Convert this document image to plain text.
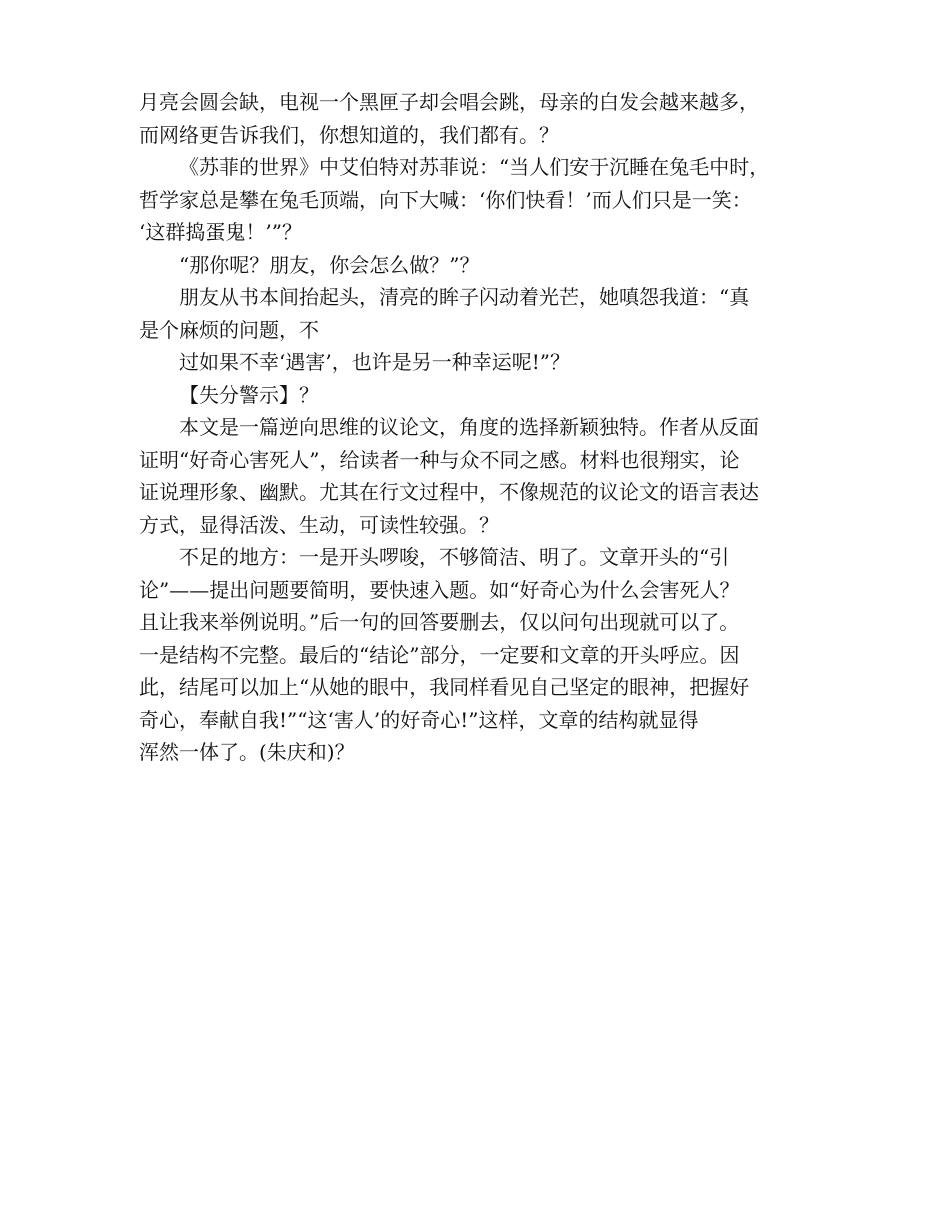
月亮会圆会缺，电视一个黑匣子却会唱会跳，母亲的白发会越来越多，
而网络更告诉我们，你想知道的，我们都有。？
《苏菲的世界》中艾伯特对苏菲说：“当人们安于沉睡在兔毛中时，
哲学家总是攀在兔毛顶端，向下大喊：‘你们快看！’而人们只是一笑：
‘这群捣蛋鬼！’”？
“那你呢？朋友，你会怎么做？”？
朋友从书本间抬起头，清亮的眸子闪动着光芒，她嗔怨我道：“真
是个麻烦的问题，不
过如果不幸‘遇害’，也许是另一种幸运呢!”？
【失分警示】？
本文是一篇逆向思维的议论文，角度的选择新颖独特。作者从反面
证明“好奇心害死人”，给读者一种与众不同之感。材料也很翔实，论
证说理形象、幽默。尤其在行文过程中，不像规范的议论文的语言表达
方式，显得活泼、生动，可读性较强。？
不足的地方：一是开头啰唆，不够简洁、明了。文章开头的“引
论”——提出问题要简明，要快速入题。如“好奇心为什么会害死人？
且让我来举例说明。”后一句的回答要删去，仅以问句出现就可以了。
一是结构不完整。最后的“结论”部分，一定要和文章的开头呼应。因
此，结尾可以加上“从她的眼中，我同样看见自己坚定的眼神，把握好
奇心，奉献自我!”“这‘害人’的好奇心!”这样，文章的结构就显得
浑然一体了。(朱庆和)？
